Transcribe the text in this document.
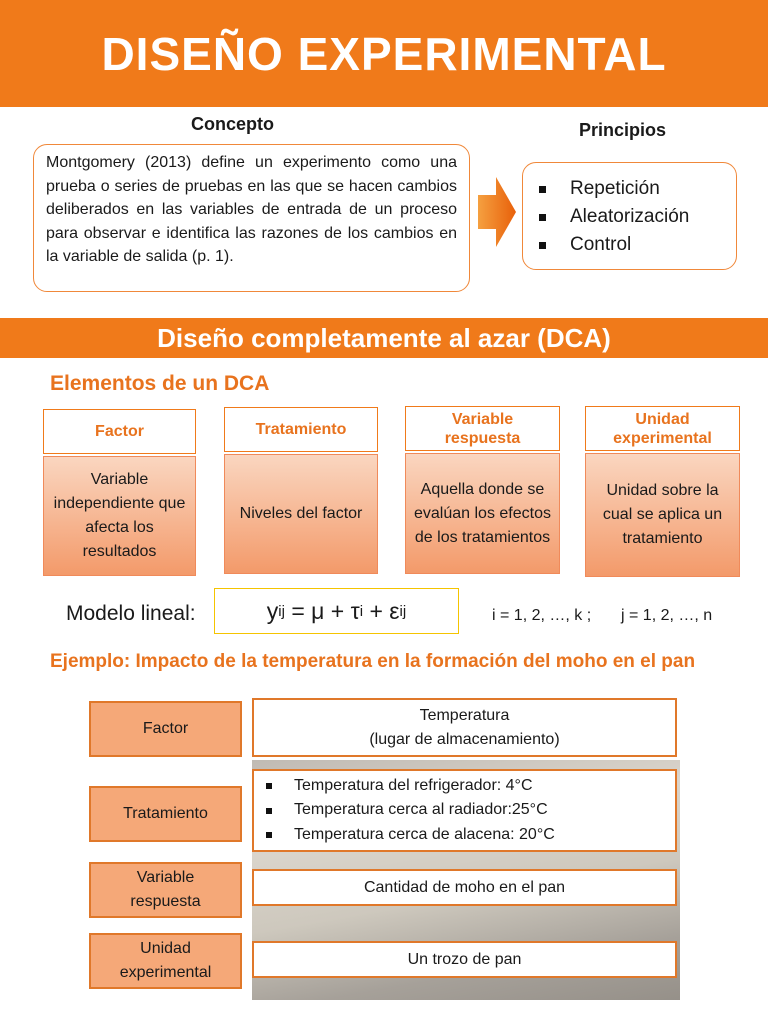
DISEÑO EXPERIMENTAL
Concepto
Montgomery (2013) define un experimento como una prueba o series de pruebas en las que se hacen cambios deliberados en las variables de entrada de un proceso para observar e identifica las razones de los cambios en la variable de salida (p. 1).
Principios
Repetición
Aleatorización
Control
Diseño completamente al azar (DCA)
Elementos de un DCA
Factor
Variable independiente que afecta los resultados
Tratamiento
Niveles del factor
Variable respuesta
Aquella donde se evalúan los efectos de los tratamientos
Unidad experimental
Unidad sobre la cual se aplica un tratamiento
Modelo lineal:	y ij = μ + τ i + ε ij	i = 1, 2, …, k ; j = 1, 2, …, n
Ejemplo: Impacto de la temperatura en la formación del moho en el pan
Factor
Temperatura
(lugar de almacenamiento)
Tratamiento
Temperatura del refrigerador: 4°C
Temperatura cerca al radiador:25°C
Temperatura cerca de alacena: 20°C
Variable
respuesta
Cantidad de moho en el pan
Unidad
experimental
Un trozo de pan
